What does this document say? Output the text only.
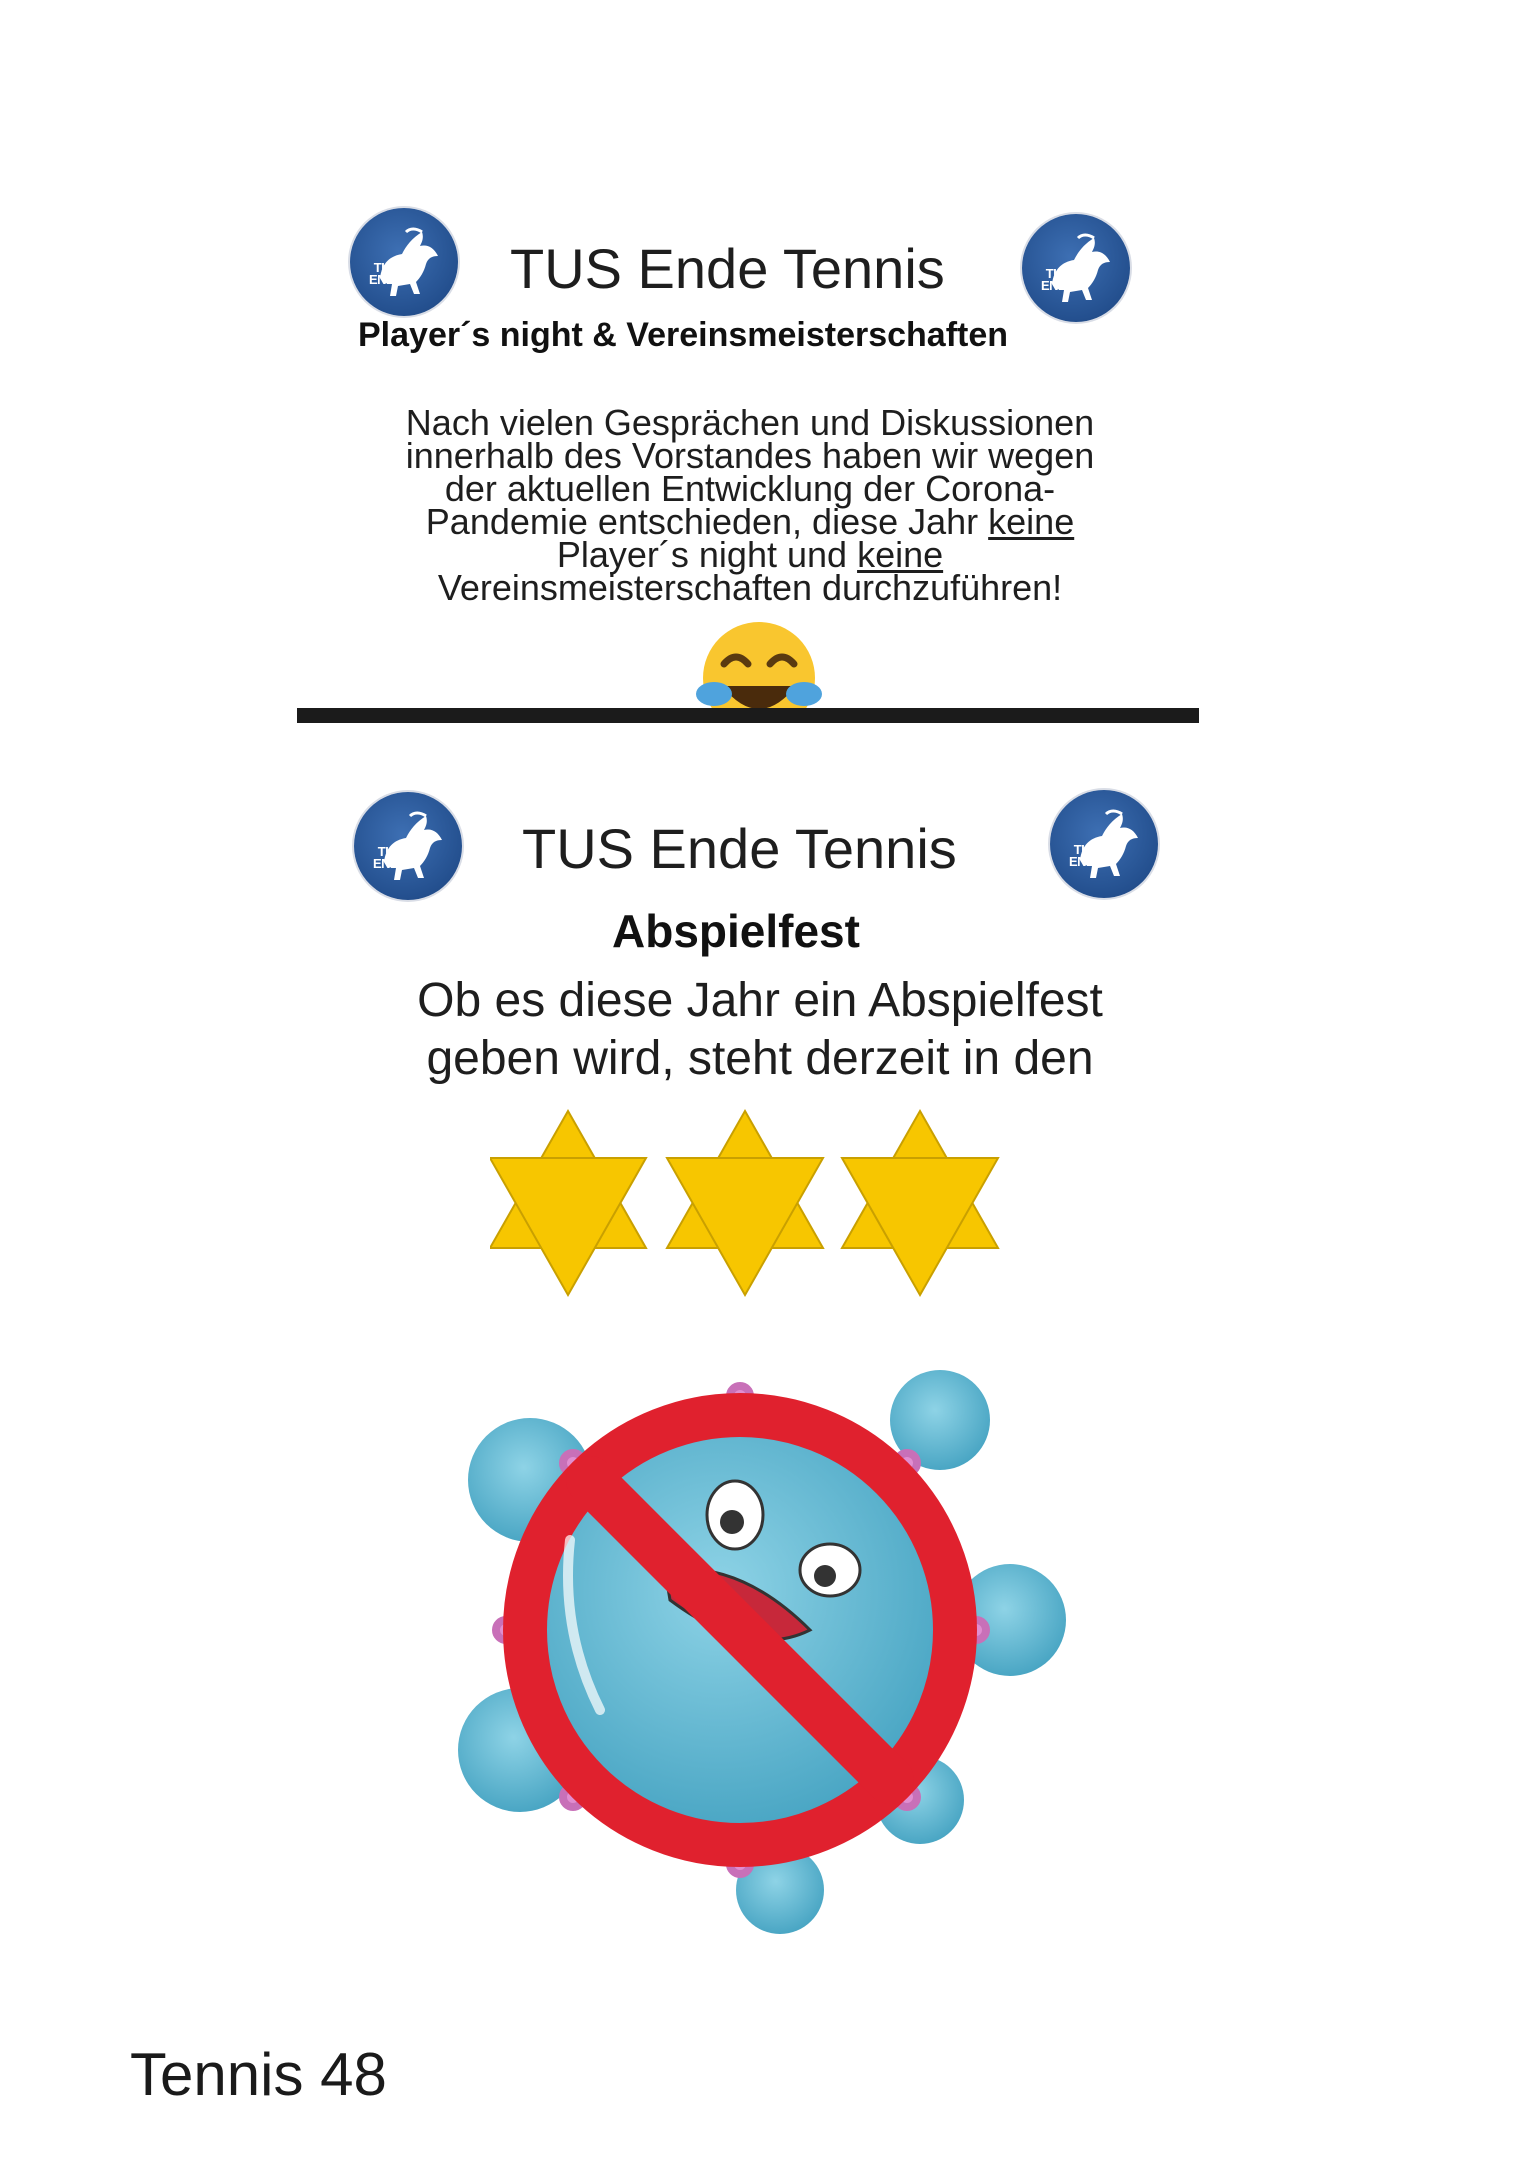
TUS
ENDE	TUS
ENDE
TUS Ende Tennis
Player´s night & Vereinsmeisterschaften

Nach vielen Gesprächen und Diskussionen

innerhalb des Vorstandes haben wir wegen

der aktuellen Entwicklung der Corona-

Pandemie entschieden, diese Jahr keine

Player´s night und keine

Vereinsmeisterschaften durchzuführen!

TUS
ENDE
TUS
ENDE
TUS Ende Tennis
Abspielfest

Ob es diese Jahr ein Abspielfest

geben wird, steht derzeit in den

Tennis 48
